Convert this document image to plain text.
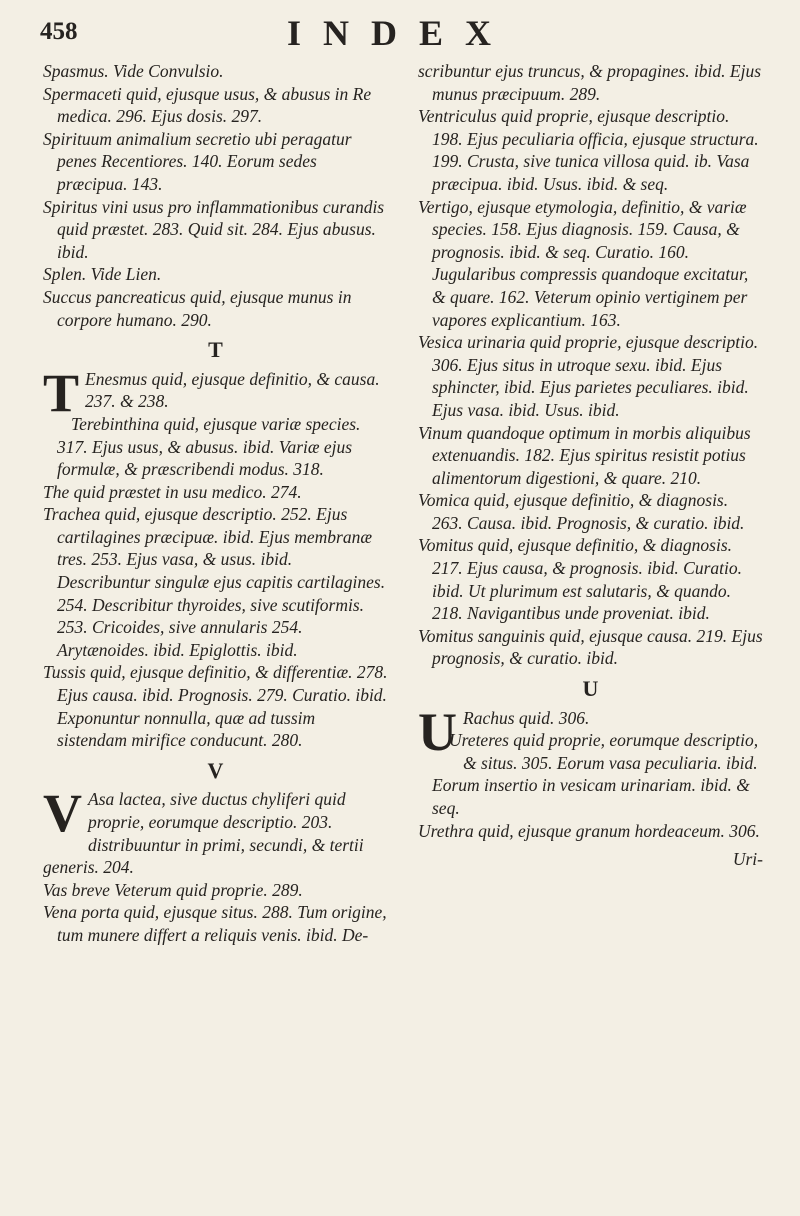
458	INDEX

Spasmus. Vide Convulsio.

Spermaceti quid, ejusque usus, & abusus in Re medica. 296. Ejus dosis. 297.

Spirituum animalium secretio ubi peragatur penes Recentiores. 140. Eorum sedes præcipua. 143.

Spiritus vini usus pro inflammationibus curandis quid præstet. 283. Quid sit. 284. Ejus abusus. ibid.

Splen. Vide Lien.

Succus pancreaticus quid, ejusque munus in corpore humano. 290.

T

T Enesmus quid, ejusque definitio, & causa. 237. & 238.

Terebinthina quid, ejusque variæ species. 317. Ejus usus, & abusus. ibid. Variæ ejus formulæ, & præscribendi modus. 318.

The quid præstet in usu medico. 274.

Trachea quid, ejusque descriptio. 252. Ejus cartilagines præcipuæ. ibid. Ejus membranæ tres. 253. Ejus vasa, & usus. ibid. Describuntur singulæ ejus capitis cartilagines. 254. Describitur thyroides, sive scutiformis. 253. Cricoides, sive annularis 254. Arytænoides. ibid. Epiglottis. ibid.

Tussis quid, ejusque definitio, & differentiæ. 278. Ejus causa. ibid. Prognosis. 279. Curatio. ibid. Exponuntur nonnulla, quæ ad tussim sistendam mirifice conducunt. 280.

V

V Asa lactea, sive ductus chyliferi quid proprie, eorumque descriptio. 203. distribuuntur in primi, secundi, & tertii generis. 204.

Vas breve Veterum quid proprie. 289.

Vena porta quid, ejusque situs. 288. Tum origine, tum munere differt a reliquis venis. ibid. De-

scribuntur ejus truncus, & propagines. ibid. Ejus munus præcipuum. 289.

Ventriculus quid proprie, ejusque descriptio. 198. Ejus peculiaria officia, ejusque structura. 199. Crusta, sive tunica villosa quid. ib. Vasa præcipua. ibid. Usus. ibid. & seq.

Vertigo, ejusque etymologia, definitio, & variæ species. 158. Ejus diagnosis. 159. Causa, & prognosis. ibid. & seq. Curatio. 160. Jugularibus compressis quandoque excitatur, & quare. 162. Veterum opinio vertiginem per vapores explicantium. 163.

Vesica urinaria quid proprie, ejusque descriptio. 306. Ejus situs in utroque sexu. ibid. Ejus sphincter, ibid. Ejus parietes peculiares. ibid. Ejus vasa. ibid. Usus. ibid.

Vinum quandoque optimum in morbis aliquibus extenuandis. 182. Ejus spiritus resistit potius alimentorum digestioni, & quare. 210.

Vomica quid, ejusque definitio, & diagnosis. 263. Causa. ibid. Prognosis, & curatio. ibid.

Vomitus quid, ejusque definitio, & diagnosis. 217. Ejus causa, & prognosis. ibid. Curatio. ibid. Ut plurimum est salutaris, & quando. 218. Navigantibus unde proveniat. ibid.

Vomitus sanguinis quid, ejusque causa. 219. Ejus prognosis, & curatio. ibid.

U

U Rachus quid. 306.

Ureteres quid proprie, eorumque descriptio, & situs. 305. Eorum vasa peculiaria. ibid. Eorum insertio in vesicam urinariam. ibid. & seq.

Urethra quid, ejusque granum hordeaceum. 306.

Uri-
